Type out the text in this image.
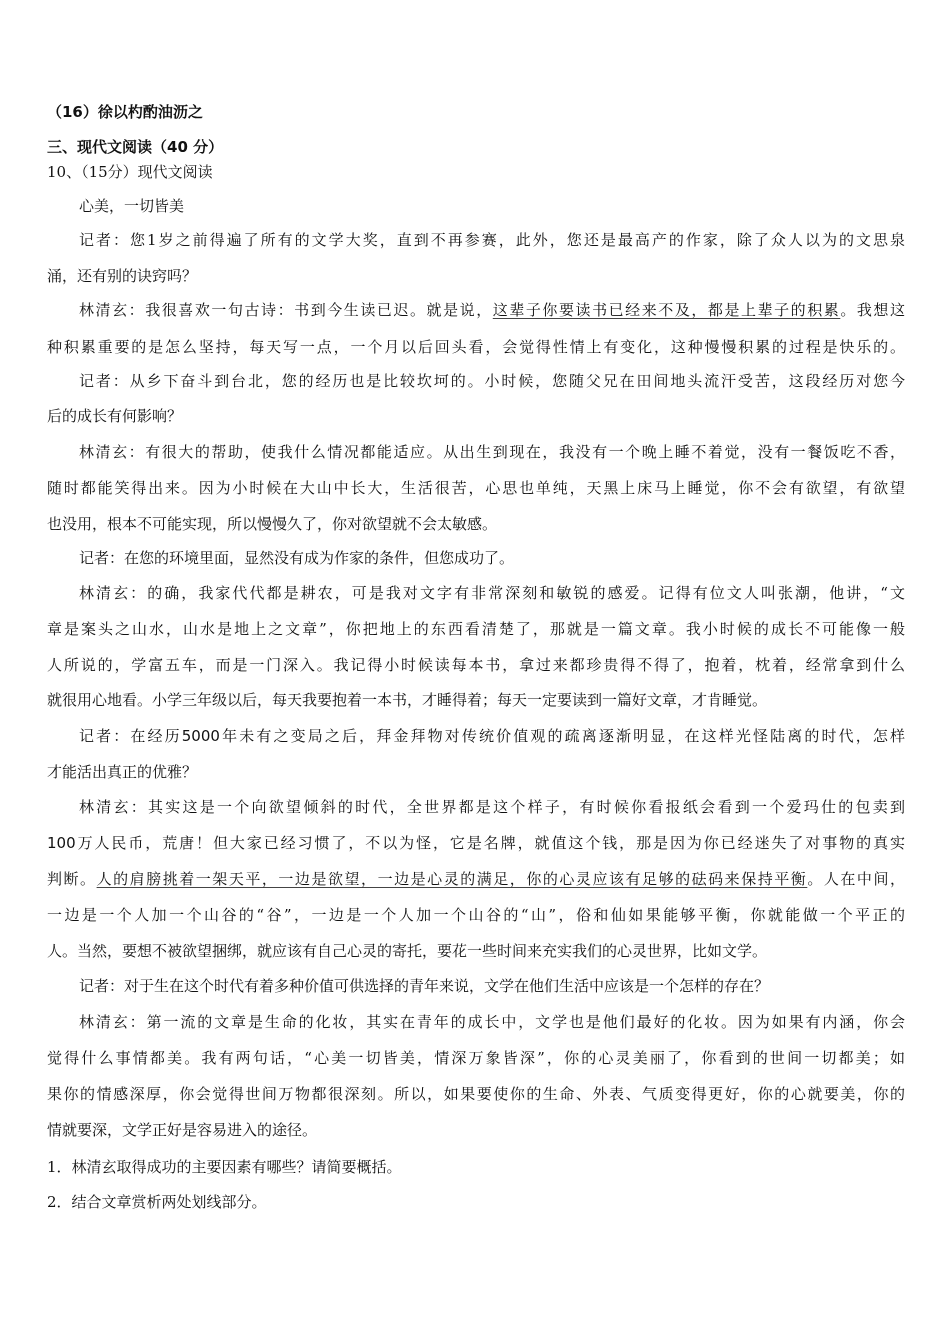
（16）徐以杓酌油沥之
三、现代文阅读（40 分）
10、（15分）现代文阅读
心美，一切皆美
记者：您1岁之前得遍了所有的文学大奖，直到不再参赛，此外，您还是最高产的作家，除了众人以为的文思泉
涌，还有别的诀窍吗？
林清玄：我很喜欢一句古诗：书到今生读已迟。就是说，这辈子你要读书已经来不及，都是上辈子的积累。我想这
种积累重要的是怎么坚持，每天写一点，一个月以后回头看，会觉得性情上有变化，这种慢慢积累的过程是快乐的。
记者：从乡下奋斗到台北，您的经历也是比较坎坷的。小时候，您随父兄在田间地头流汗受苦，这段经历对您今
后的成长有何影响？
林清玄：有很大的帮助，使我什么情况都能适应。从出生到现在，我没有一个晚上睡不着觉，没有一餐饭吃不香，
随时都能笑得出来。因为小时候在大山中长大，生活很苦，心思也单纯，天黑上床马上睡觉，你不会有欲望，有欲望
也没用，根本不可能实现，所以慢慢久了，你对欲望就不会太敏感。
记者：在您的环境里面，显然没有成为作家的条件，但您成功了。
林清玄：的确，我家代代都是耕农，可是我对文字有非常深刻和敏锐的感爱。记得有位文人叫张潮，他讲，“文
章是案头之山水，山水是地上之文章”，你把地上的东西看清楚了，那就是一篇文章。我小时候的成长不可能像一般
人所说的，学富五车，而是一门深入。我记得小时候读每本书，拿过来都珍贵得不得了，抱着，枕着，经常拿到什么
就很用心地看。小学三年级以后，每天我要抱着一本书，才睡得着；每天一定要读到一篇好文章，才肯睡觉。
记者：在经历5000年未有之变局之后，拜金拜物对传统价值观的疏离逐渐明显，在这样光怪陆离的时代，怎样
才能活出真正的优雅？
林清玄：其实这是一个向欲望倾斜的时代，全世界都是这个样子，有时候你看报纸会看到一个爱玛仕的包卖到
100万人民币，荒唐！但大家已经习惯了，不以为怪，它是名牌，就值这个钱，那是因为你已经迷失了对事物的真实
判断。人的肩膀挑着一架天平，一边是欲望，一边是心灵的满足，你的心灵应该有足够的砝码来保持平衡。人在中间，
一边是一个人加一个山谷的“谷”，一边是一个人加一个山谷的“山”，俗和仙如果能够平衡，你就能做一个平正的
人。当然，要想不被欲望捆绑，就应该有自己心灵的寄托，要花一些时间来充实我们的心灵世界，比如文学。
记者：对于生在这个时代有着多种价值可供选择的青年来说，文学在他们生活中应该是一个怎样的存在？
林清玄：第一流的文章是生命的化妆，其实在青年的成长中，文学也是他们最好的化妆。因为如果有内涵，你会
觉得什么事情都美。我有两句话，“心美一切皆美，情深万象皆深”，你的心灵美丽了，你看到的世间一切都美；如
果你的情感深厚，你会觉得世间万物都很深刻。所以，如果要使你的生命、外表、气质变得更好，你的心就要美，你的
情就要深，文学正好是容易进入的途径。
1．林清玄取得成功的主要因素有哪些？请简要概括。
2．结合文章赏析两处划线部分。
